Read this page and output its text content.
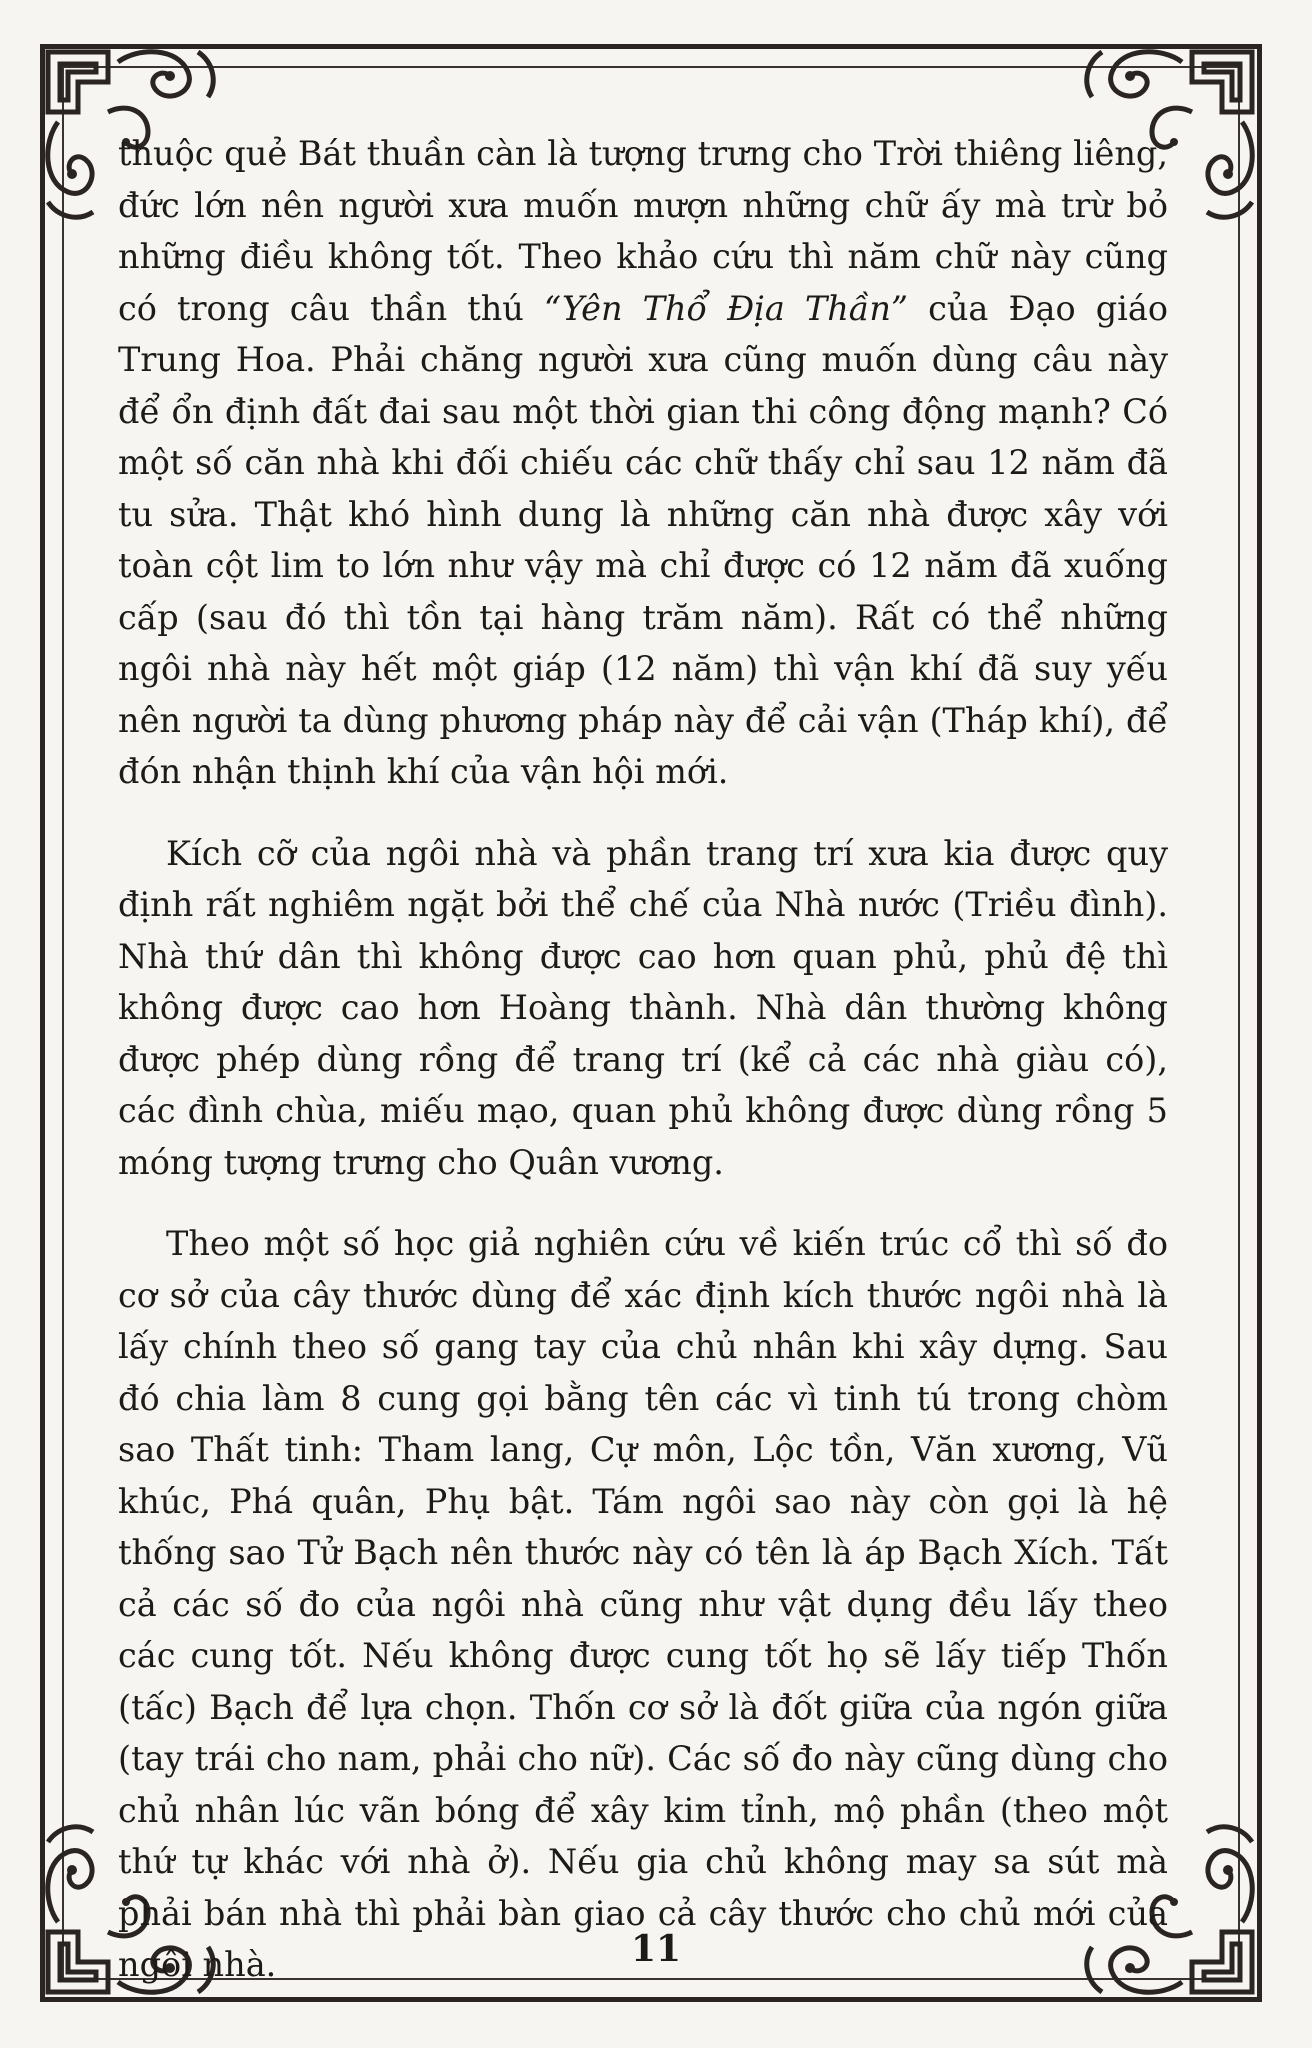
thuộc quẻ Bát thuần càn là tượng trưng cho Trời thiêng liêng, đức lớn nên người xưa muốn mượn những chữ ấy mà trừ bỏ những điều không tốt. Theo khảo cứu thì năm chữ này cũng có trong câu thần thú “Yên Thổ Địa Thần” của Đạo giáo Trung Hoa. Phải chăng người xưa cũng muốn dùng câu này để ổn định đất đai sau một thời gian thi công động mạnh? Có một số căn nhà khi đối chiếu các chữ thấy chỉ sau 12 năm đã tu sửa. Thật khó hình dung là những căn nhà được xây với toàn cột lim to lớn như vậy mà chỉ được có 12 năm đã xuống cấp (sau đó thì tồn tại hàng trăm năm). Rất có thể những ngôi nhà này hết một giáp (12 năm) thì vận khí đã suy yếu nên người ta dùng phương pháp này để cải vận (Tháp khí), để đón nhận thịnh khí của vận hội mới.

Kích cỡ của ngôi nhà và phần trang trí xưa kia được quy định rất nghiêm ngặt bởi thể chế của Nhà nước (Triều đình). Nhà thứ dân thì không được cao hơn quan phủ, phủ đệ thì không được cao hơn Hoàng thành. Nhà dân thường không được phép dùng rồng để trang trí (kể cả các nhà giàu có), các đình chùa, miếu mạo, quan phủ không được dùng rồng 5 móng tượng trưng cho Quân vương.

Theo một số học giả nghiên cứu về kiến trúc cổ thì số đo cơ sở của cây thước dùng để xác định kích thước ngôi nhà là lấy chính theo số gang tay của chủ nhân khi xây dựng. Sau đó chia làm 8 cung gọi bằng tên các vì tinh tú trong chòm sao Thất tinh: Tham lang, Cự môn, Lộc tồn, Văn xương, Vũ khúc, Phá quân, Phụ bật. Tám ngôi sao này còn gọi là hệ thống sao Tử Bạch nên thước này có tên là áp Bạch Xích. Tất cả các số đo của ngôi nhà cũng như vật dụng đều lấy theo các cung tốt. Nếu không được cung tốt họ sẽ lấy tiếp Thốn (tấc) Bạch để lựa chọn. Thốn cơ sở là đốt giữa của ngón giữa (tay trái cho nam, phải cho nữ). Các số đo này cũng dùng cho chủ nhân lúc vãn bóng để xây kim tỉnh, mộ phần (theo một thứ tự khác với nhà ở). Nếu gia chủ không may sa sút mà phải bán nhà thì phải bàn giao cả cây thước cho chủ mới của ngôi nhà.	11
